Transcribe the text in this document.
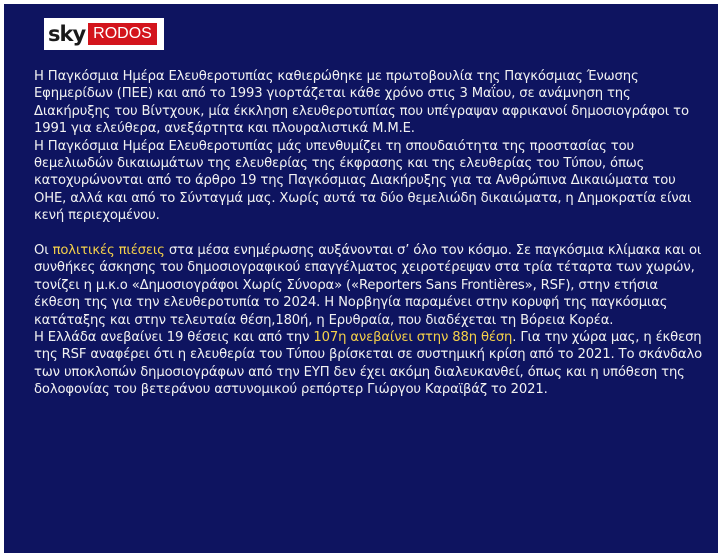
sky RODOS

Η Παγκόσμια Ημέρα Ελευθεροτυπίας καθιερώθηκε με πρωτοβουλία της Παγκόσμιας Ένωσης Εφημερίδων (ΠΕΕ) και από το 1993 γιορτάζεται κάθε χρόνο στις 3 Μαΐου, σε ανάμνηση της Διακήρυξης του Βίντχουκ, μία έκκληση ελευθεροτυπίας που υπέγραψαν αφρικανοί δημοσιογράφοι το 1991 για ελεύθερα, ανεξάρτητα και πλουραλιστικά Μ.Μ.Ε.

Η Παγκόσμια Ημέρα Ελευθεροτυπίας μάς υπενθυμίζει τη σπουδαιότητα της προστασίας του θεμελιωδών δικαιωμάτων της ελευθερίας της έκφρασης και της ελευθερίας του Τύπου, όπως κατοχυρώνονται από το άρθρο 19 της Παγκόσμιας Διακήρυξης για τα Ανθρώπινα Δικαιώματα του ΟΗΕ, αλλά και από το Σύνταγμά μας. Χωρίς αυτά τα δύο θεμελιώδη δικαιώματα, η Δημοκρατία είναι κενή περιεχομένου.

Οι πολιτικές πιέσεις στα μέσα ενημέρωσης αυξάνονται σ’ όλο τον κόσμο. Σε παγκόσμια κλίμακα και οι συνθήκες άσκησης του δημοσιογραφικού επαγγέλματος χειροτέρεψαν στα τρία τέταρτα των χωρών, τονίζει η μ.κ.ο «Δημοσιογράφοι Χωρίς Σύνορα» («Reporters Sans Frontières», RSF), στην ετήσια έκθεση της για την ελευθεροτυπία το 2024. Η Νορβηγία παραμένει στην κορυφή της παγκόσμιας κατάταξης και στην τελευταία θέση,180ή, η Ερυθραία, που διαδέχεται τη Βόρεια Κορέα.

Η Ελλάδα ανεβαίνει 19 θέσεις και από την 107η ανεβαίνει στην 88η θέση. Για την χώρα μας, η έκθεση της RSF αναφέρει ότι η ελευθερία του Τύπου βρίσκεται σε συστημική κρίση από το 2021. Το σκάνδαλο των υποκλοπών δημοσιογράφων από την ΕΥΠ δεν έχει ακόμη διαλευκανθεί, όπως και η υπόθεση της δολοφονίας του βετεράνου αστυνομικού ρεπόρτερ Γιώργου Καραϊβάζ το 2021.
